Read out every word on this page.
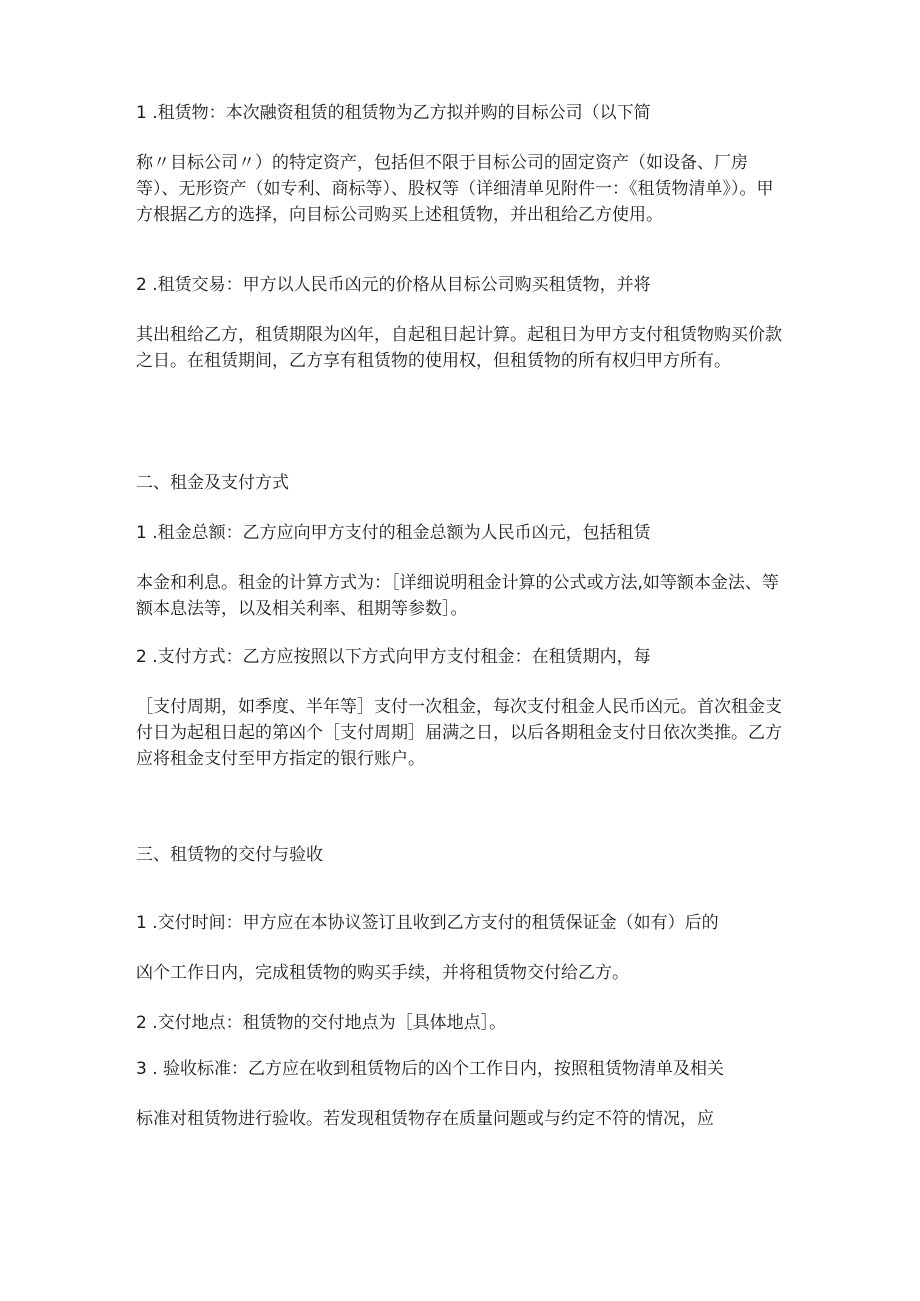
1 .租赁物：本次融资租赁的租赁物为乙方拟并购的目标公司（以下简
称〃目标公司〃）的特定资产，包括但不限于目标公司的固定资产（如设备、厂房等）、无形资产（如专利、商标等）、股权等（详细清单见附件一：《租赁物清单》）。甲方根据乙方的选择，向目标公司购买上述租赁物，并出租给乙方使用。
2 .租赁交易：甲方以人民币凶元的价格从目标公司购买租赁物，并将
其出租给乙方，租赁期限为凶年，自起租日起计算。起租日为甲方支付租赁物购买价款之日。在租赁期间，乙方享有租赁物的使用权，但租赁物的所有权归甲方所有。
二、租金及支付方式
1 .租金总额：乙方应向甲方支付的租金总额为人民币凶元，包括租赁
本金和利息。租金的计算方式为：［详细说明租金计算的公式或方法,如等额本金法、等额本息法等，以及相关利率、租期等参数］。
2 .支付方式：乙方应按照以下方式向甲方支付租金：在租赁期内，每
［支付周期，如季度、半年等］支付一次租金，每次支付租金人民币凶元。首次租金支付日为起租日起的第凶个［支付周期］届满之日，以后各期租金支付日依次类推。乙方应将租金支付至甲方指定的银行账户。
三、租赁物的交付与验收
1 .交付时间：甲方应在本协议签订且收到乙方支付的租赁保证金（如有）后的
凶个工作日内，完成租赁物的购买手续，并将租赁物交付给乙方。
2 .交付地点：租赁物的交付地点为［具体地点］。
3 . 验收标准：乙方应在收到租赁物后的凶个工作日内，按照租赁物清单及相关
标准对租赁物进行验收。若发现租赁物存在质量问题或与约定不符的情况，应
